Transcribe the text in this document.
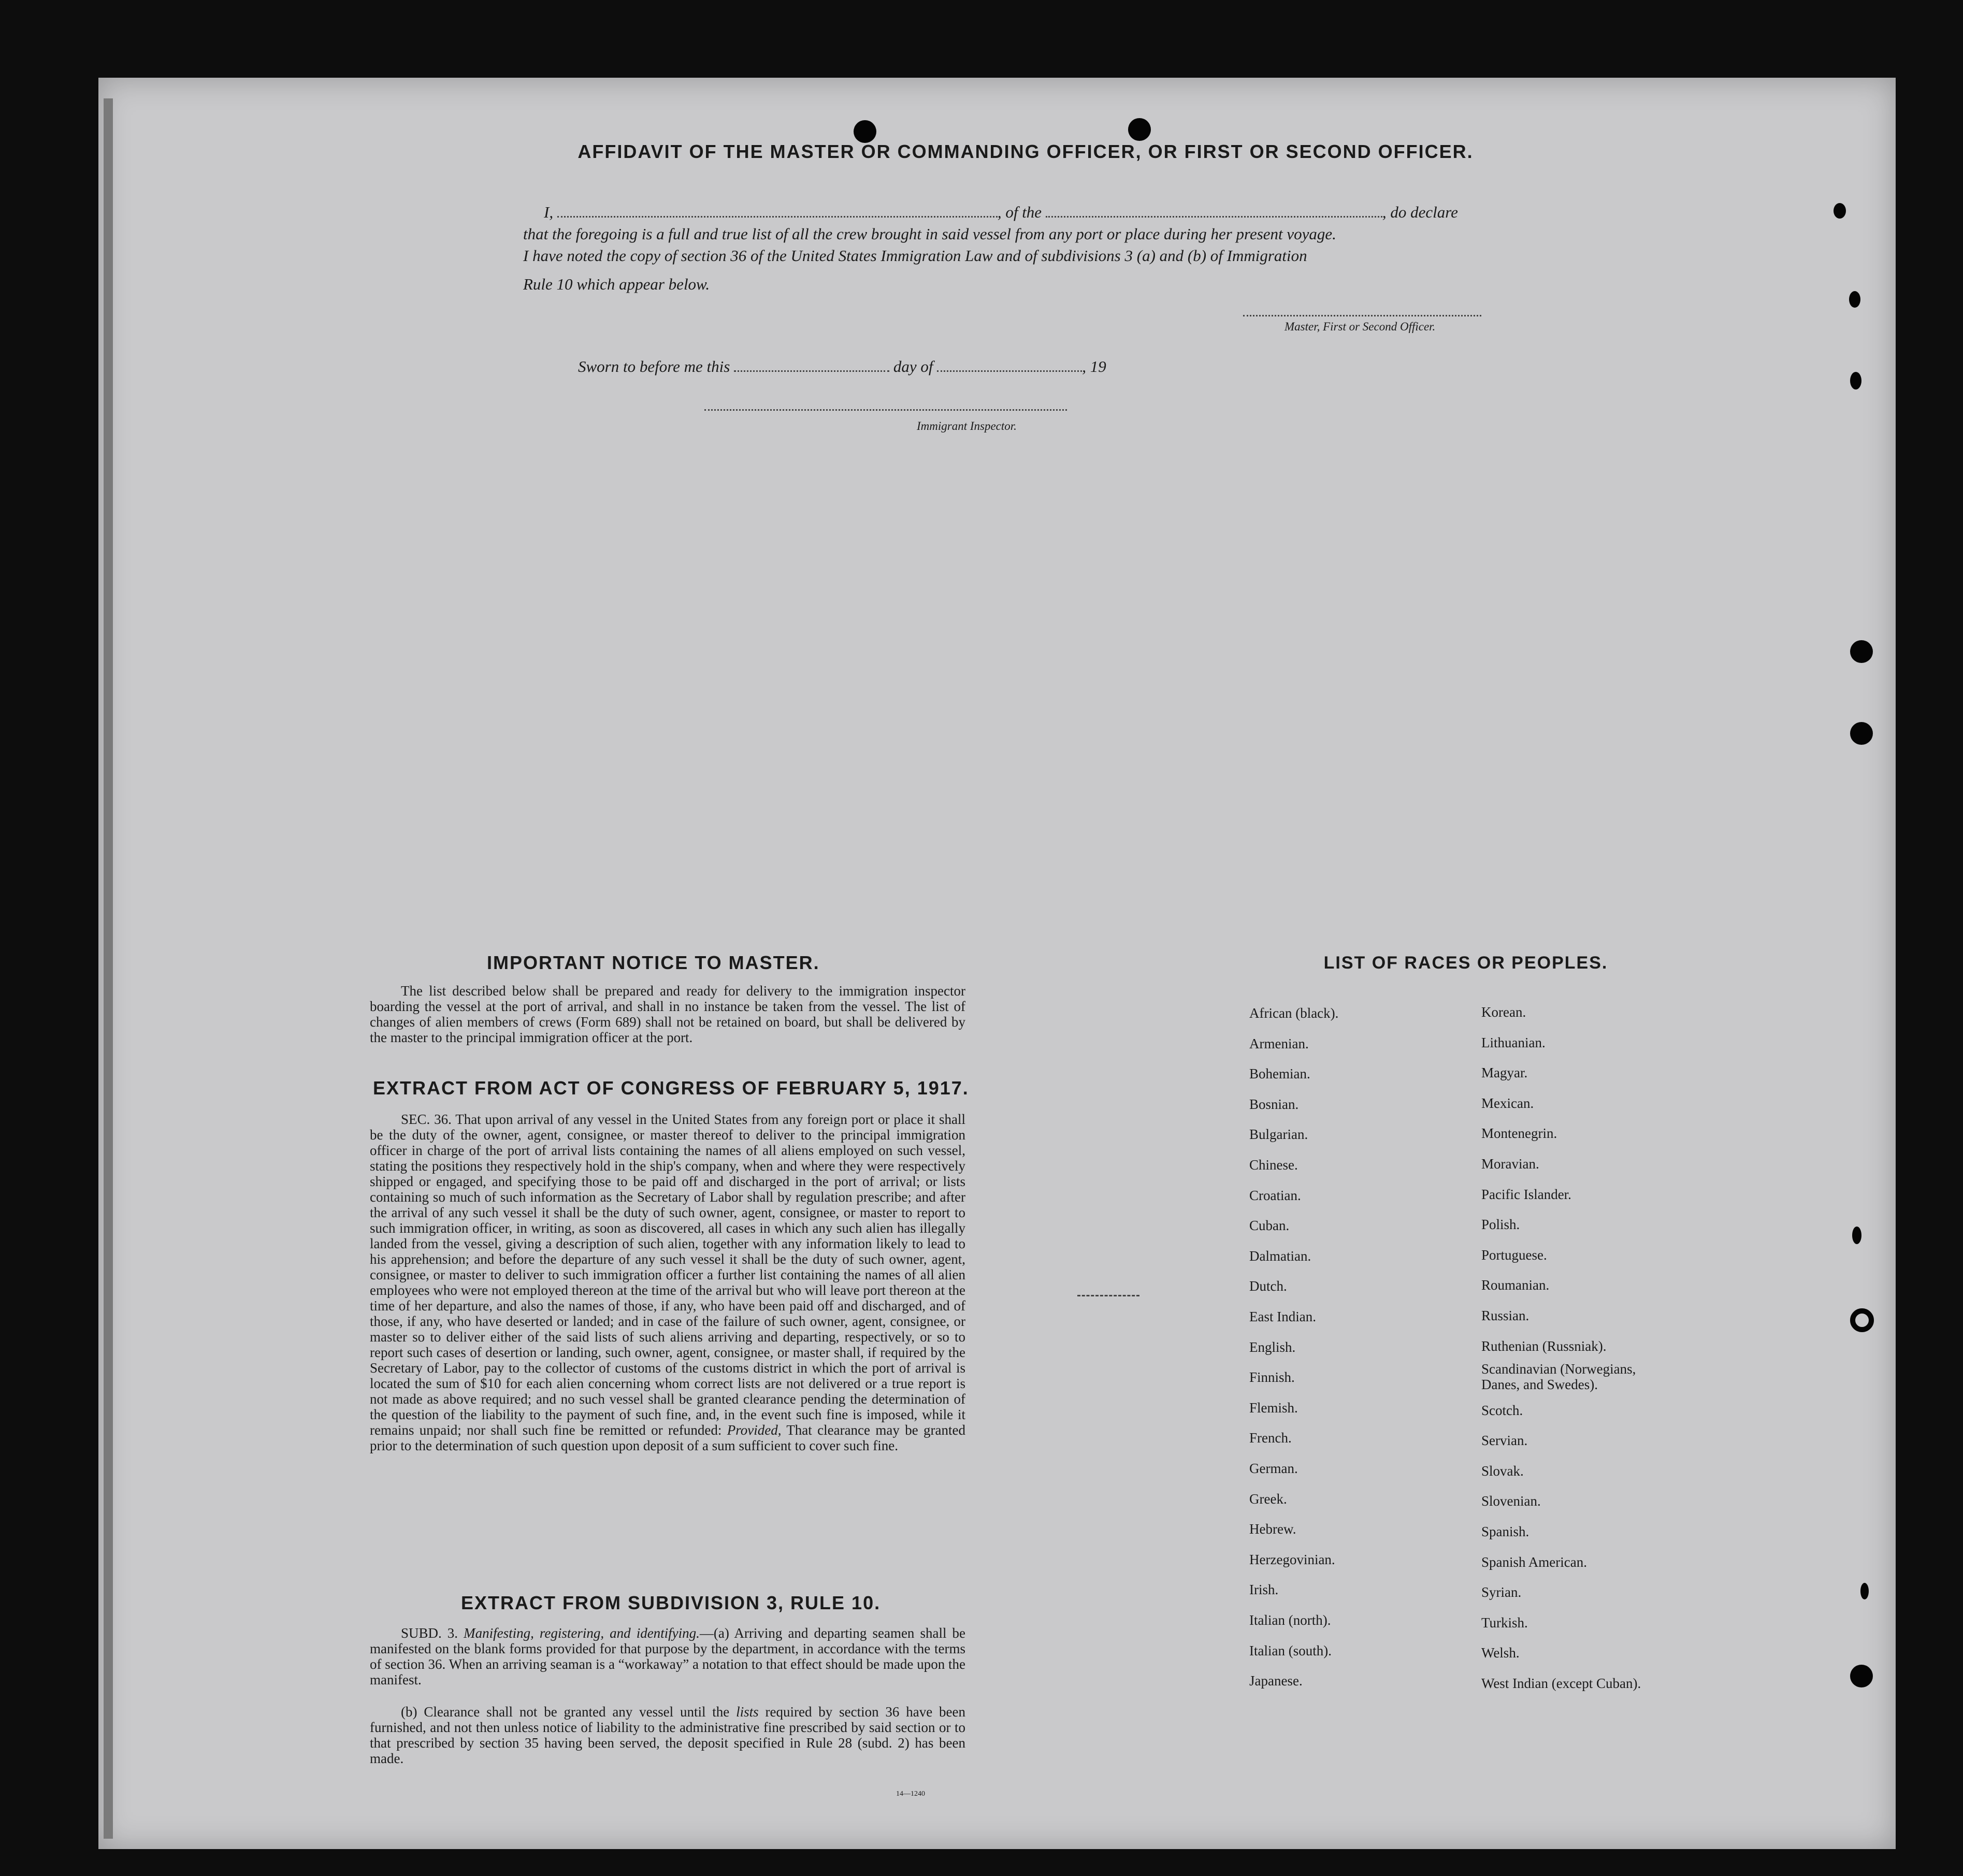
AFFIDAVIT OF THE MASTER OR COMMANDING OFFICER, OR FIRST OR SECOND OFFICER.
I,	, of the	, do declare
that the foregoing is a full and true list of all the crew brought in said vessel from any port or place during her present voyage.
I have noted the copy of section 36 of the United States Immigration Law and of subdivisions 3 (a) and (b) of Immigration
Rule 10 which appear below.
Master, First or Second Officer.
Sworn to before me this	day of	, 19
Immigrant Inspector.
IMPORTANT NOTICE TO MASTER.
The list described below shall be prepared and ready for delivery to the immigration inspector boarding the vessel at the port of arrival, and shall in no instance be taken from the vessel. The list of changes of alien members of crews (Form 689) shall not be retained on board, but shall be delivered by the master to the principal immigration officer at the port.
EXTRACT FROM ACT OF CONGRESS OF FEBRUARY 5, 1917.
SEC. 36. That upon arrival of any vessel in the United States from any foreign port or place it shall be the duty of the owner, agent, consignee, or master thereof to deliver to the principal immigration officer in charge of the port of arrival lists containing the names of all aliens employed on such vessel, stating the positions they respectively hold in the ship's company, when and where they were respectively shipped or engaged, and specifying those to be paid off and discharged in the port of arrival; or lists containing so much of such information as the Secretary of Labor shall by regulation prescribe; and after the arrival of any such vessel it shall be the duty of such owner, agent, consignee, or master to report to such immigration officer, in writing, as soon as discovered, all cases in which any such alien has illegally landed from the vessel, giving a description of such alien, together with any information likely to lead to his apprehension; and before the departure of any such vessel it shall be the duty of such owner, agent, consignee, or master to deliver to such immigration officer a further list containing the names of all alien employees who were not employed thereon at the time of the arrival but who will leave port thereon at the time of her departure, and also the names of those, if any, who have been paid off and discharged, and of those, if any, who have deserted or landed; and in case of the failure of such owner, agent, consignee, or master so to deliver either of the said lists of such aliens arriving and departing, respectively, or so to report such cases of desertion or landing, such owner, agent, consignee, or master shall, if required by the Secretary of Labor, pay to the collector of customs of the customs district in which the port of arrival is located the sum of $10 for each alien concerning whom correct lists are not delivered or a true report is not made as above required; and no such vessel shall be granted clearance pending the determination of the question of the liability to the payment of such fine, and, in the event such fine is imposed, while it remains unpaid; nor shall such fine be remitted or refunded: Provided, That clearance may be granted prior to the determination of such question upon deposit of a sum sufficient to cover such fine.
EXTRACT FROM SUBDIVISION 3, RULE 10.
SUBD. 3. Manifesting, registering, and identifying.—(a) Arriving and departing seamen shall be manifested on the blank forms provided for that purpose by the department, in accordance with the terms of section 36. When an arriving seaman is a “workaway” a notation to that effect should be made upon the manifest.
(b) Clearance shall not be granted any vessel until the lists required by section 36 have been furnished, and not then unless notice of liability to the administrative fine prescribed by said section or to that prescribed by section 35 having been served, the deposit specified in Rule 28 (subd. 2) has been made.
14—1240
LIST OF RACES OR PEOPLES.
African (black).
Armenian.
Bohemian.
Bosnian.
Bulgarian.
Chinese.
Croatian.
Cuban.
Dalmatian.
Dutch.
East Indian.
English.
Finnish.
Flemish.
French.
German.
Greek.
Hebrew.
Herzegovinian.
Irish.
Italian (north).
Italian (south).
Japanese.
Korean.
Lithuanian.
Magyar.
Mexican.
Montenegrin.
Moravian.
Pacific Islander.
Polish.
Portuguese.
Roumanian.
Russian.
Ruthenian (Russniak).
Scandinavian (Norwegians,
Danes, and Swedes).
Scotch.
Servian.
Slovak.
Slovenian.
Spanish.
Spanish American.
Syrian.
Turkish.
Welsh.
West Indian (except Cuban).
